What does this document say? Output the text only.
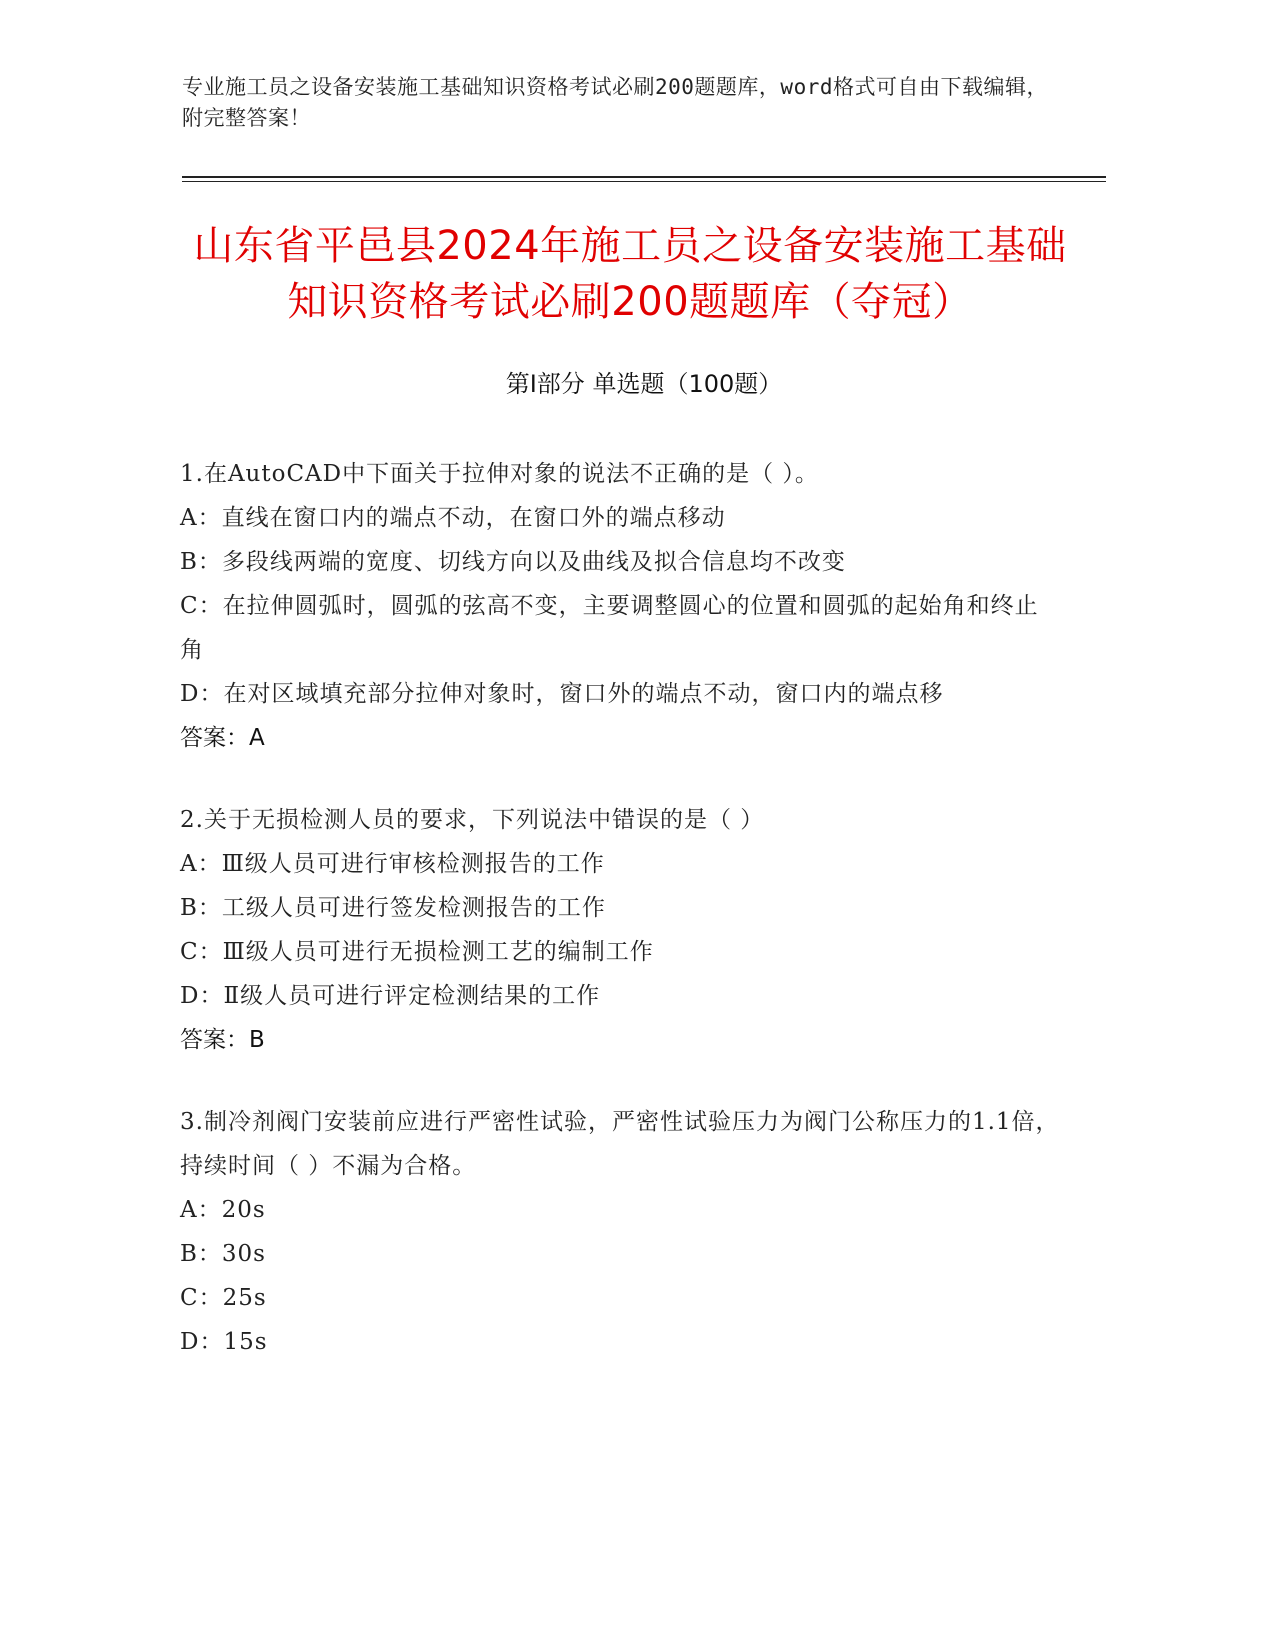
专业施工员之设备安装施工基础知识资格考试必刷200题题库，word格式可自由下载编辑，附完整答案！
山东省平邑县2024年施工员之设备安装施工基础知识资格考试必刷200题题库（夺冠）
第Ⅰ部分 单选题（100题）
1.在AutoCAD中下面关于拉伸对象的说法不正确的是（ ）。
A：直线在窗口内的端点不动，在窗口外的端点移动
B：多段线两端的宽度、切线方向以及曲线及拟合信息均不改变
C：在拉伸圆弧时，圆弧的弦高不变，主要调整圆心的位置和圆弧的起始角和终止角
D：在对区域填充部分拉伸对象时，窗口外的端点不动，窗口内的端点移
答案：A
2.关于无损检测人员的要求，下列说法中错误的是（ ）
A：Ⅲ级人员可进行审核检测报告的工作
B：工级人员可进行签发检测报告的工作
C：Ⅲ级人员可进行无损检测工艺的编制工作
D：Ⅱ级人员可进行评定检测结果的工作
答案：B
3.制冷剂阀门安装前应进行严密性试验，严密性试验压力为阀门公称压力的1.1倍，持续时间（ ）不漏为合格。
A：20s
B：30s
C：25s
D：15s
